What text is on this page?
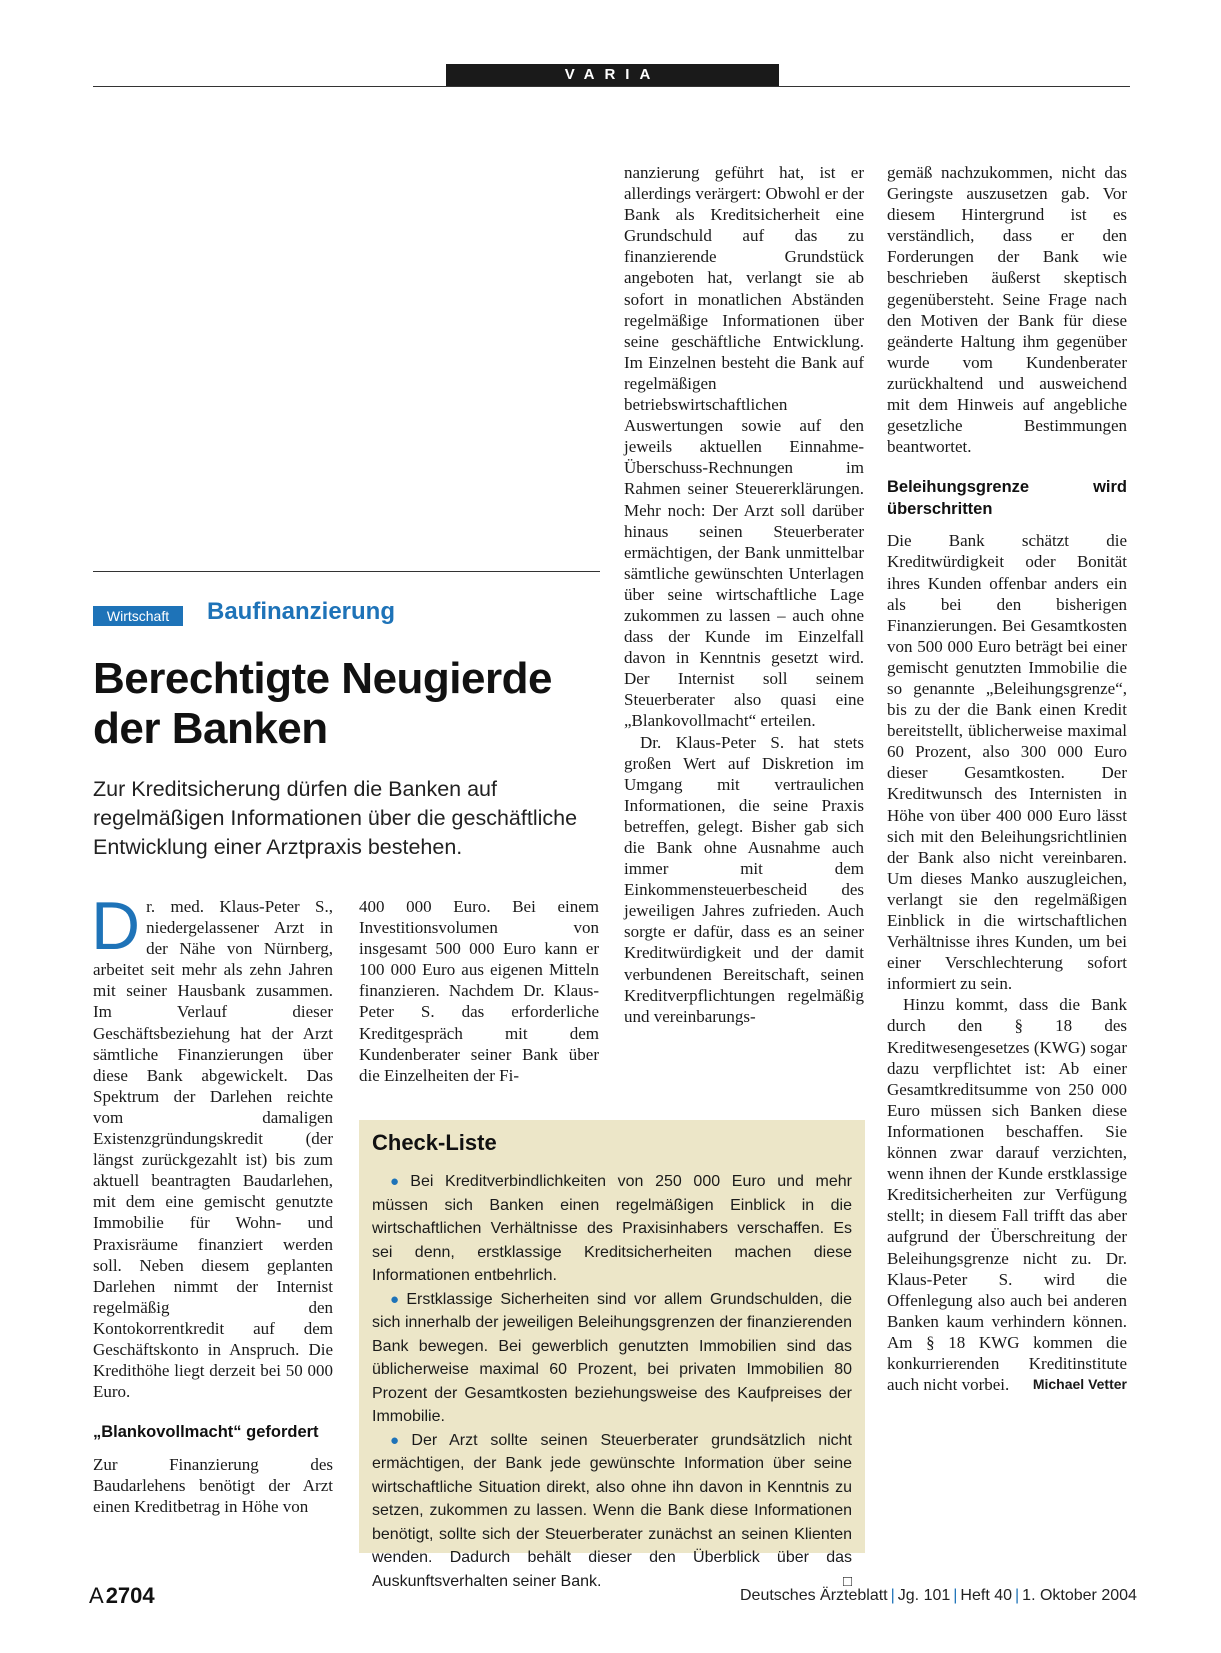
VARIA

nanzierung geführt hat, ist er allerdings verärgert: Obwohl er der Bank als Kreditsicherheit eine Grundschuld auf das zu finanzierende Grundstück angeboten hat, verlangt sie ab sofort in monatlichen Abständen regelmäßige Informationen über seine geschäftliche Entwicklung. Im Einzelnen besteht die Bank auf regelmäßigen betriebswirtschaftlichen Auswertungen sowie auf den jeweils aktuellen Einnahme-Überschuss-Rechnungen im Rahmen seiner Steuererklärungen. Mehr noch: Der Arzt soll darüber hinaus seinen Steuerberater ermächtigen, der Bank unmittelbar sämtliche gewünschten Unterlagen über seine wirtschaftliche Lage zukommen zu lassen – auch ohne dass der Kunde im Einzelfall davon in Kenntnis gesetzt wird. Der Internist soll seinem Steuerberater also quasi eine „Blankovollmacht“ erteilen.

Dr. Klaus-Peter S. hat stets großen Wert auf Diskretion im Umgang mit vertraulichen Informationen, die seine Praxis betreffen, gelegt. Bisher gab sich die Bank ohne Ausnahme auch immer mit dem Einkommensteuerbescheid des jeweiligen Jahres zufrieden. Auch sorgte er dafür, dass es an seiner Kreditwürdigkeit und der damit verbundenen Bereitschaft, seinen Kreditverpflichtungen regelmäßig und vereinbarungs-

gemäß nachzukommen, nicht das Geringste auszusetzen gab. Vor diesem Hintergrund ist es verständlich, dass er den Forderungen der Bank wie beschrieben äußerst skeptisch gegenübersteht. Seine Frage nach den Motiven der Bank für diese geänderte Haltung ihm gegenüber wurde vom Kundenberater zurückhaltend und ausweichend mit dem Hinweis auf angebliche gesetzliche Bestimmungen beantwortet.

Beleihungsgrenze wird überschritten

Die Bank schätzt die Kreditwürdigkeit oder Bonität ihres Kunden offenbar anders ein als bei den bisherigen Finanzierungen. Bei Gesamtkosten von 500 000 Euro beträgt bei einer gemischt genutzten Immobilie die so genannte „Beleihungsgrenze“, bis zu der die Bank einen Kredit bereitstellt, üblicherweise maximal 60 Prozent, also 300 000 Euro dieser Gesamtkosten. Der Kreditwunsch des Internisten in Höhe von über 400 000 Euro lässt sich mit den Beleihungsrichtlinien der Bank also nicht vereinbaren. Um dieses Manko auszugleichen, verlangt sie den regelmäßigen Einblick in die wirtschaftlichen Verhältnisse ihres Kunden, um bei einer Verschlechterung sofort informiert zu sein.

Hinzu kommt, dass die Bank durch den § 18 des Kreditwesengesetzes (KWG) sogar dazu verpflichtet ist: Ab einer Gesamtkreditsumme von 250 000 Euro müssen sich Banken diese Informationen beschaffen. Sie können zwar darauf verzichten, wenn ihnen der Kunde erstklassige Kreditsicherheiten zur Verfügung stellt; in diesem Fall trifft das aber aufgrund der Überschreitung der Beleihungsgrenze nicht zu. Dr. Klaus-Peter S. wird die Offenlegung also auch bei anderen Banken kaum verhindern können. Am § 18 KWG kommen die konkurrierenden Kreditinstitute auch nicht vorbei.	Michael Vetter

Wirtschaft	Baufinanzierung
Berechtigte Neugierde
der Banken
Zur Kreditsicherung dürfen die Banken auf regelmäßigen Informationen über die geschäftliche Entwicklung einer Arztpraxis bestehen.

Dr. med. Klaus-Peter S., niedergelassener Arzt in der Nähe von Nürnberg, arbeitet seit mehr als zehn Jahren mit seiner Hausbank zusammen. Im Verlauf dieser Geschäftsbeziehung hat der Arzt sämtliche Finanzierungen über diese Bank abgewickelt. Das Spektrum der Darlehen reichte vom damaligen Existenzgründungskredit (der längst zurückgezahlt ist) bis zum aktuell beantragten Baudarlehen, mit dem eine gemischt genutzte Immobilie für Wohn- und Praxisräume finanziert werden soll. Neben diesem geplanten Darlehen nimmt der Internist regelmäßig den Kontokorrentkredit auf dem Geschäftskonto in Anspruch. Die Kredithöhe liegt derzeit bei 50 000 Euro.

„Blankovollmacht“ gefordert

Zur Finanzierung des Baudarlehens benötigt der Arzt einen Kreditbetrag in Höhe von

400 000 Euro. Bei einem Investitionsvolumen von insgesamt 500 000 Euro kann er 100 000 Euro aus eigenen Mitteln finanzieren. Nachdem Dr. Klaus-Peter S. das erforderliche Kreditgespräch mit dem Kundenberater seiner Bank über die Einzelheiten der Fi-

Check-Liste

● Bei Kreditverbindlichkeiten von 250 000 Euro und mehr müssen sich Banken einen regelmäßigen Einblick in die wirtschaftlichen Verhältnisse des Praxisinhabers verschaffen. Es sei denn, erstklassige Kreditsicherheiten machen diese Informationen entbehrlich.

● Erstklassige Sicherheiten sind vor allem Grundschulden, die sich innerhalb der jeweiligen Beleihungsgrenzen der finanzierenden Bank bewegen. Bei gewerblich genutzten Immobilien sind das üblicherweise maximal 60 Prozent, bei privaten Immobilien 80 Prozent der Gesamtkosten beziehungsweise des Kaufpreises der Immobilie.

● Der Arzt sollte seinen Steuerberater grundsätzlich nicht ermächtigen, der Bank jede gewünschte Information über seine wirtschaftliche Situation direkt, also ohne ihn davon in Kenntnis zu setzen, zukommen zu lassen. Wenn die Bank diese Informationen benötigt, sollte sich der Steuerberater zunächst an seinen Klienten wenden. Dadurch behält dieser den Überblick über das Auskunftsverhalten seiner Bank.	□

A2704	Deutsches Ärzteblatt | Jg. 101 | Heft 40 | 1. Oktober 2004
